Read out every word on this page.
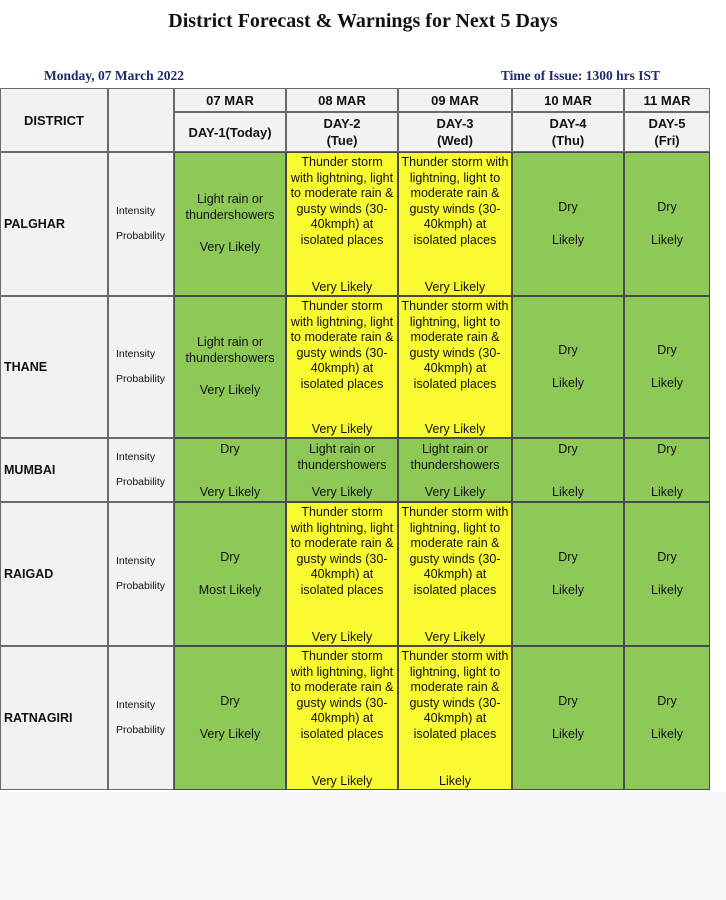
District Forecast & Warnings for Next 5 Days
Monday, 07 March 2022	Time of Issue: 1300 hrs IST
DISTRICT
07 MAR
DAY-1(Today)
08 MAR
DAY-2
(Tue)
09 MAR
DAY-3
(Wed)
10 MAR
DAY-4
(Thu)
11 MAR
DAY-5
(Fri)
PALGHAR
Intensity
Probability
Light rain or thundershowers
Very Likely
Thunder storm with lightning, light to moderate rain & gusty winds (30-40kmph) at isolated places
Very Likely
Thunder storm with lightning, light to moderate rain & gusty winds (30-40kmph) at isolated places
Very Likely
Dry
Likely
Dry
Likely
THANE
Intensity
Probability
Light rain or thundershowers
Very Likely
Thunder storm with lightning, light to moderate rain & gusty winds (30-40kmph) at isolated places
Very Likely
Thunder storm with lightning, light to moderate rain & gusty winds (30-40kmph) at isolated places
Very Likely
Dry
Likely
Dry
Likely
MUMBAI
Intensity
Probability
Dry
Very Likely
Light rain or thundershowers
Very Likely
Light rain or thundershowers
Very Likely
Dry
Likely
Dry
Likely
RAIGAD
Intensity
Probability
Dry
Most Likely
Thunder storm with lightning, light to moderate rain & gusty winds (30-40kmph) at isolated places
Very Likely
Thunder storm with lightning, light to moderate rain & gusty winds (30-40kmph) at isolated places
Very Likely
Dry
Likely
Dry
Likely
RATNAGIRI
Intensity
Probability
Dry
Very Likely
Thunder storm with lightning, light to moderate rain & gusty winds (30-40kmph) at isolated places
Very Likely
Thunder storm with lightning, light to moderate rain & gusty winds (30-40kmph) at isolated places
Likely
Dry
Likely
Dry
Likely
